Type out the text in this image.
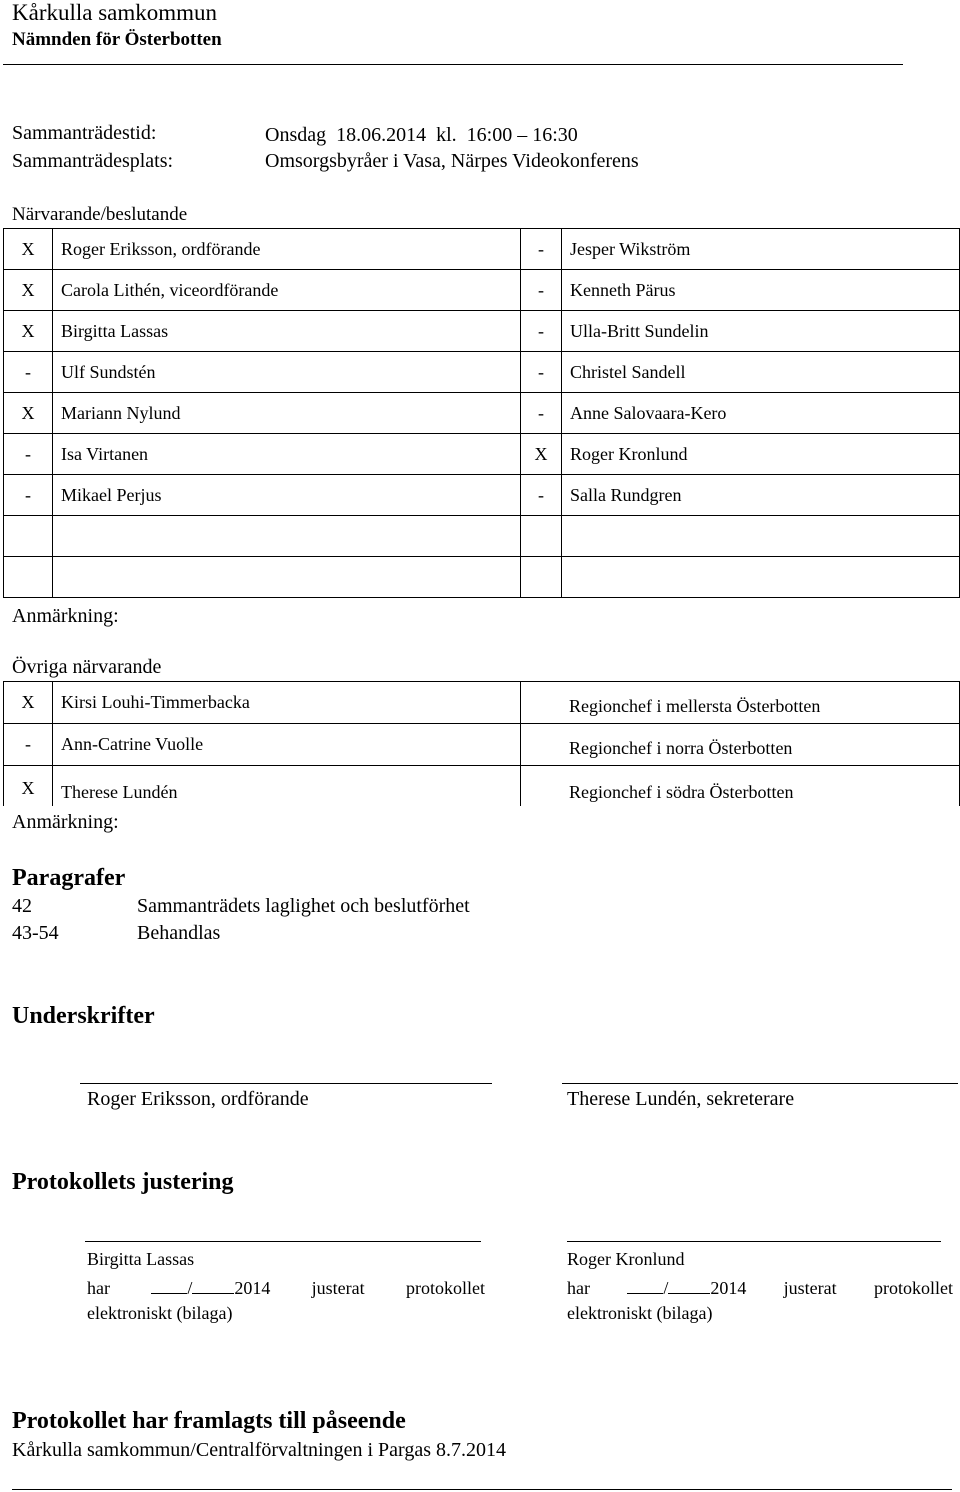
Kårkulla samkommun
Nämnden för Österbotten
Sammanträdestid:	Onsdag  18.06.2014  kl.  16:00 – 16:30
Sammanträdesplats:	Omsorgsbyråer i Vasa, Närpes Videokonferens
Närvarande/beslutande
X	Roger Eriksson, ordförande	-	Jesper Wikström
X	Carola Lithén, viceordförande	-	Kenneth Pärus
X	Birgitta Lassas	-	Ulla-Britt Sundelin
-	Ulf Sundstén	-	Christel Sandell
X	Mariann Nylund	-	Anne Salovaara-Kero
-	Isa Virtanen	X	Roger Kronlund
-	Mikael Perjus	-	Salla Rundgren

Anmärkning:
Övriga närvarande
X	Kirsi Louhi-Timmerbacka	Regionchef i mellersta Österbotten
-	Ann-Catrine Vuolle	Regionchef i norra Österbotten
X	Therese Lundén	Regionchef i södra Österbotten
Anmärkning:
Paragrafer
42	Sammanträdets laglighet och beslutförhet
43-54	Behandlas
Underskrifter
Roger Eriksson, ordförande	Therese Lundén, sekreterare
Protokollets justering
Birgitta Lassas	Roger Kronlund
har	/ 2014 justerat protokollet
elektroniskt (bilaga)
har	/ 2014 justerat protokollet
elektroniskt (bilaga)
Protokollet har framlagts till påseende
Kårkulla samkommun/Centralförvaltningen i Pargas 8.7.2014
